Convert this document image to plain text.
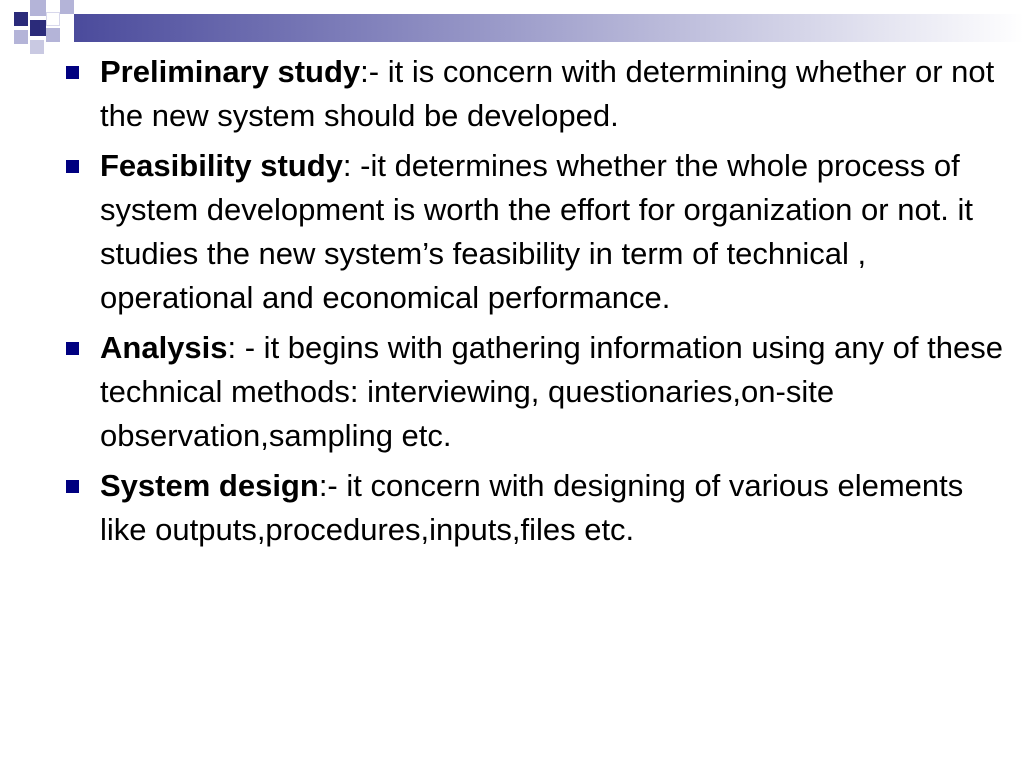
Preliminary study:- it is concern with determining whether or not the new system should be developed.
Feasibility study: -it determines whether the whole process of system development is worth the effort for organization or not. it studies the new system’s feasibility in term of technical , operational and economical performance.
Analysis: - it begins with gathering information using any of these technical methods: interviewing, questionaries,on-site observation,sampling etc.
System design:- it concern with designing of various elements like outputs,procedures,inputs,files etc.
